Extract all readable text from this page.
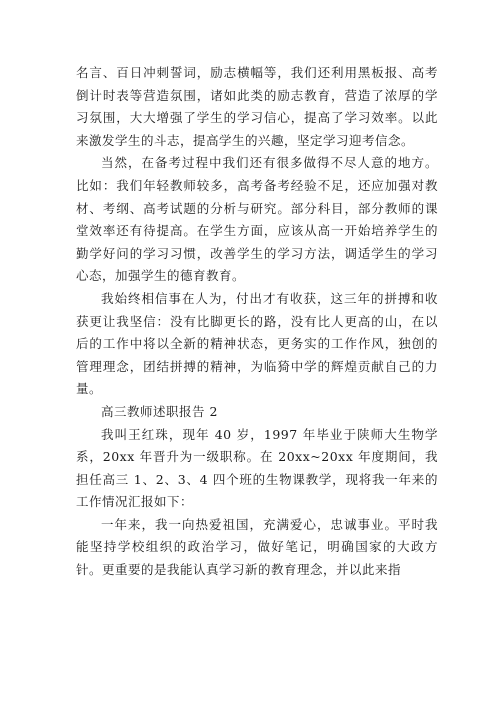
名言、百日冲刺誓词，励志横幅等，我们还利用黑板报、高考倒计时表等营造氛围，诸如此类的励志教育，营造了浓厚的学习氛围，大大增强了学生的学习信心，提高了学习效率。以此来激发学生的斗志，提高学生的兴趣，坚定学习迎考信念。

当然，在备考过程中我们还有很多做得不尽人意的地方。比如：我们年轻教师较多，高考备考经验不足，还应加强对教材、考纲、高考试题的分析与研究。部分科目，部分教师的课堂效率还有待提高。在学生方面，应该从高一开始培养学生的勤学好问的学习习惯，改善学生的学习方法，调适学生的学习心态，加强学生的德育教育。

我始终相信事在人为，付出才有收获，这三年的拼搏和收获更让我坚信：没有比脚更长的路，没有比人更高的山，在以后的工作中将以全新的精神状态，更务实的工作作风，独创的管理理念，团结拼搏的精神，为临猗中学的辉煌贡献自己的力量。

高三教师述职报告 2

我叫王红珠，现年 40 岁，1997 年毕业于陕师大生物学系，20xx 年晋升为一级职称。在 20xx~20xx 年度期间，我担任高三 1、2、3、4 四个班的生物课教学，现将我一年来的工作情况汇报如下：

一年来，我一向热爱祖国，充满爱心，忠诚事业。平时我能坚持学校组织的政治学习，做好笔记，明确国家的大政方针。更重要的是我能认真学习新的教育理念，并以此来指
